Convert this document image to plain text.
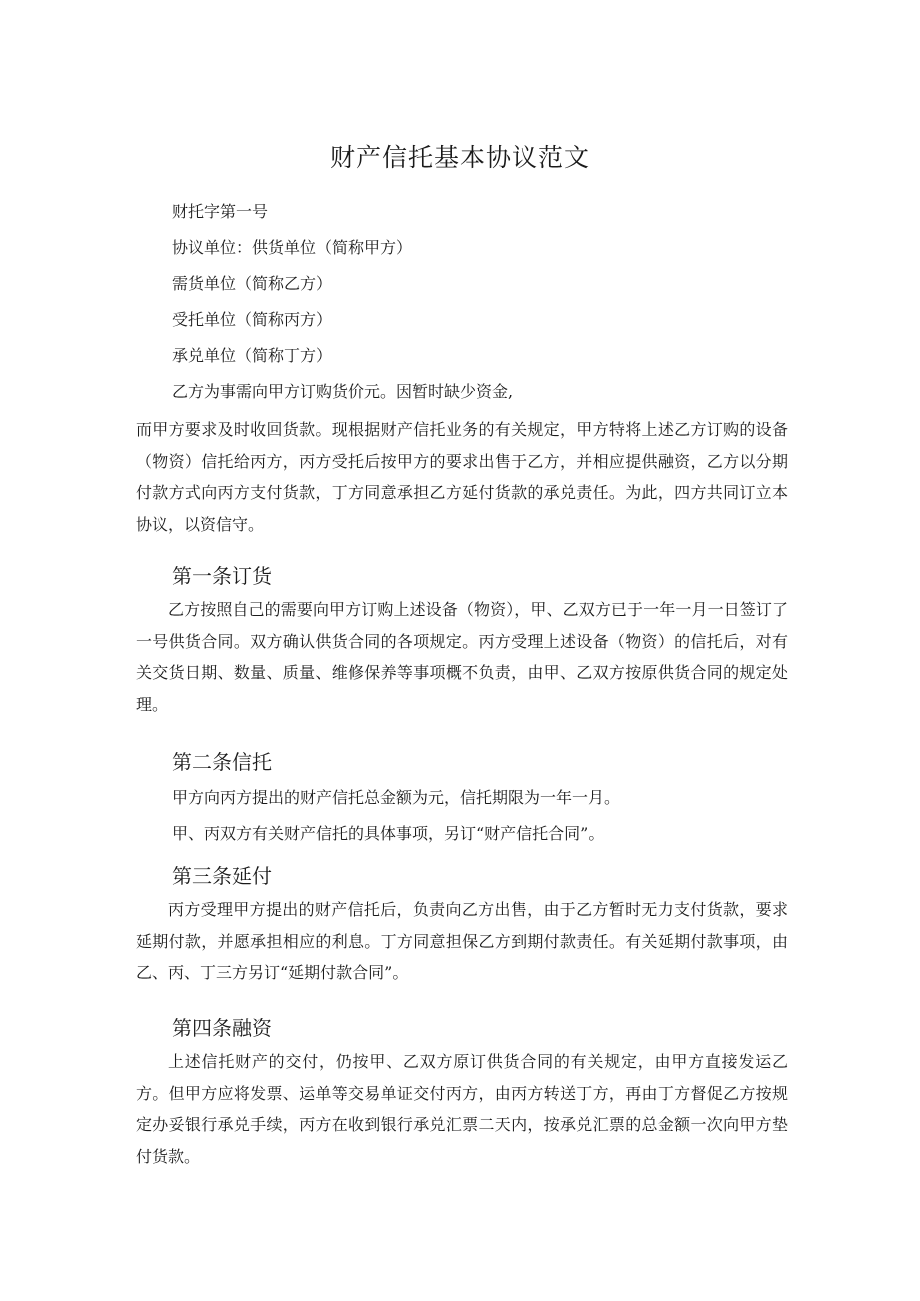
财产信托基本协议范文

财托字第一号

协议单位：供货单位（简称甲方）

需货单位（简称乙方）

受托单位（简称丙方）

承兑单位（简称丁方）

乙方为事需向甲方订购货价元。因暂时缺少资金,

而甲方要求及时收回货款。现根据财产信托业务的有关规定，甲方特将上述乙方订购的设备（物资）信托给丙方，丙方受托后按甲方的要求出售于乙方，并相应提供融资，乙方以分期付款方式向丙方支付货款，丁方同意承担乙方延付货款的承兑责任。为此，四方共同订立本协议，以资信守。

第一条订货

乙方按照自己的需要向甲方订购上述设备（物资），甲、乙双方已于一年一月一日签订了一号供货合同。双方确认供货合同的各项规定。丙方受理上述设备（物资）的信托后，对有关交货日期、数量、质量、维修保养等事项概不负责，由甲、乙双方按原供货合同的规定处理。

第二条信托

甲方向丙方提出的财产信托总金额为元，信托期限为一年一月。

甲、丙双方有关财产信托的具体事项，另订“财产信托合同”。

第三条延付

丙方受理甲方提出的财产信托后，负责向乙方出售，由于乙方暂时无力支付货款，要求延期付款，并愿承担相应的利息。丁方同意担保乙方到期付款责任。有关延期付款事项，由乙、丙、丁三方另订“延期付款合同”。

第四条融资

上述信托财产的交付，仍按甲、乙双方原订供货合同的有关规定，由甲方直接发运乙方。但甲方应将发票、运单等交易单证交付丙方，由丙方转送丁方，再由丁方督促乙方按规定办妥银行承兑手续，丙方在收到银行承兑汇票二天内，按承兑汇票的总金额一次向甲方垫付货款。
